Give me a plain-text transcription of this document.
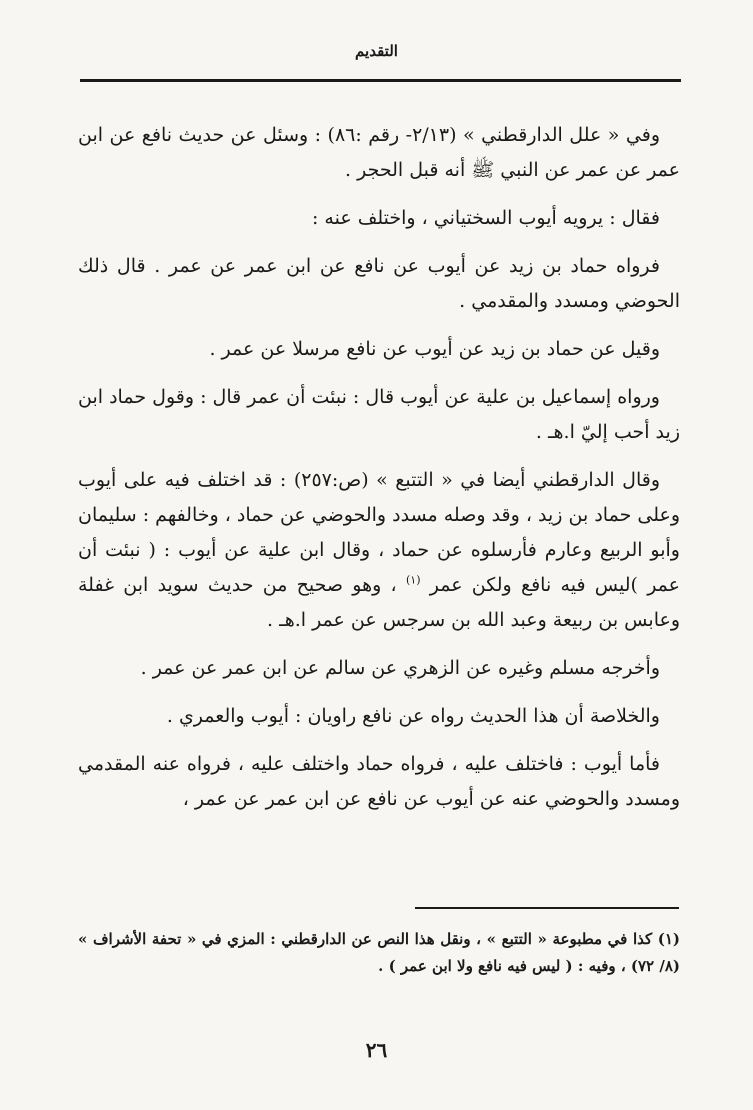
التقديم

وفي « علل الدارقطني » (٢/١٣- رقم :٨٦) : وسئل عن حديث نافع عن ابن عمر عن عمر عن النبي ﷺ أنه قبل الحجر .

فقال : يرويه أيوب السختياني ، واختلف عنه :

فرواه حماد بن زيد عن أيوب عن نافع عن ابن عمر عن عمر . قال ذلك الحوضي ومسدد والمقدمي .

وقيل عن حماد بن زيد عن أيوب عن نافع مرسلا عن عمر .

ورواه إسماعيل بن علية عن أيوب قال : نبئت أن عمر قال : وقول حماد ابن زيد أحب إليّ ا.هـ .

وقال الدارقطني أيضا في « التتبع » (ص:٢٥٧) : قد اختلف فيه على أيوب وعلى حماد بن زيد ، وقد وصله مسدد والحوضي عن حماد ، وخالفهم : سليمان وأبو الربيع وعارم فأرسلوه عن حماد ، وقال ابن علية عن أيوب : ( نبئت أن عمر )ليس فيه نافع ولكن عمر $^{(١)}$ ، وهو صحيح من حديث سويد ابن غفلة وعابس بن ربيعة وعبد الله بن سرجس عن عمر ا.هـ .

وأخرجه مسلم وغيره عن الزهري عن سالم عن ابن عمر عن عمر .

والخلاصة أن هذا الحديث رواه عن نافع راويان : أيوب والعمري .

فأما أيوب : فاختلف عليه ، فرواه حماد واختلف عليه ، فرواه عنه المقدمي ومسدد والحوضي عنه عن أيوب عن نافع عن ابن عمر عن عمر ،

(١) كذا في مطبوعة « التتبع » ، ونقل هذا النص عن الدارقطني : المزي في « تحفة الأشراف » (٨/ ٧٢) ، وفيه : ( ليس فيه نافع ولا ابن عمر ) .

٢٦
